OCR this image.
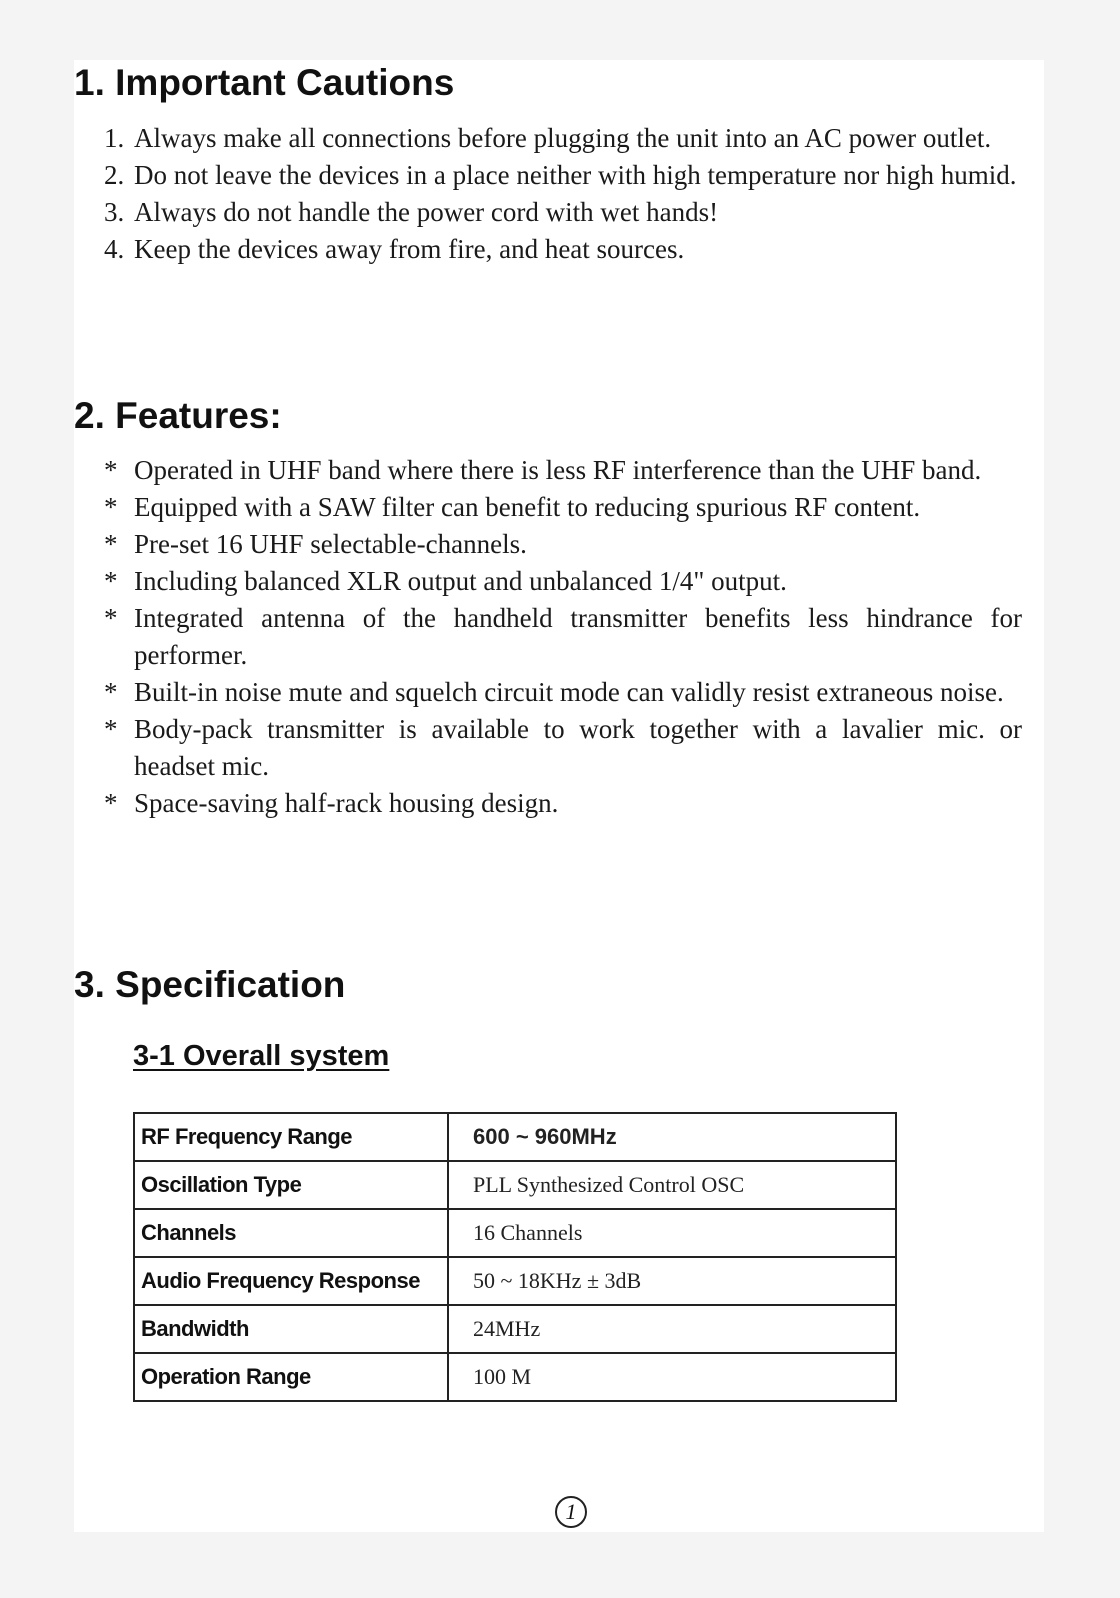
1. Important Cautions
1. Always make all connections before plugging the unit into an AC power outlet.
2. Do not leave the devices in a place neither with high temperature nor high humid.
3. Always do not handle the power cord with wet hands!
4. Keep the devices away from fire, and heat sources.
2. Features:
* Operated in UHF band where there is less RF interference than the UHF band.
* Equipped with a SAW filter can benefit to reducing spurious RF content.
* Pre-set 16 UHF selectable-channels.
* Including balanced XLR output and unbalanced 1/4" output.
* Integrated antenna of the handheld transmitter benefits less hindrance for performer.
* Built-in noise mute and squelch circuit mode can validly resist extraneous noise.
* Body-pack transmitter is available to work together with a lavalier mic. or headset mic.
* Space-saving half-rack housing design.
3. Specification
3-1 Overall system
RF Frequency Range	600 ~ 960MHz
Oscillation Type	PLL Synthesized Control OSC
Channels	16 Channels
Audio Frequency Response	50 ~ 18KHz ± 3dB
Bandwidth	24MHz
Operation Range	100 M
1
